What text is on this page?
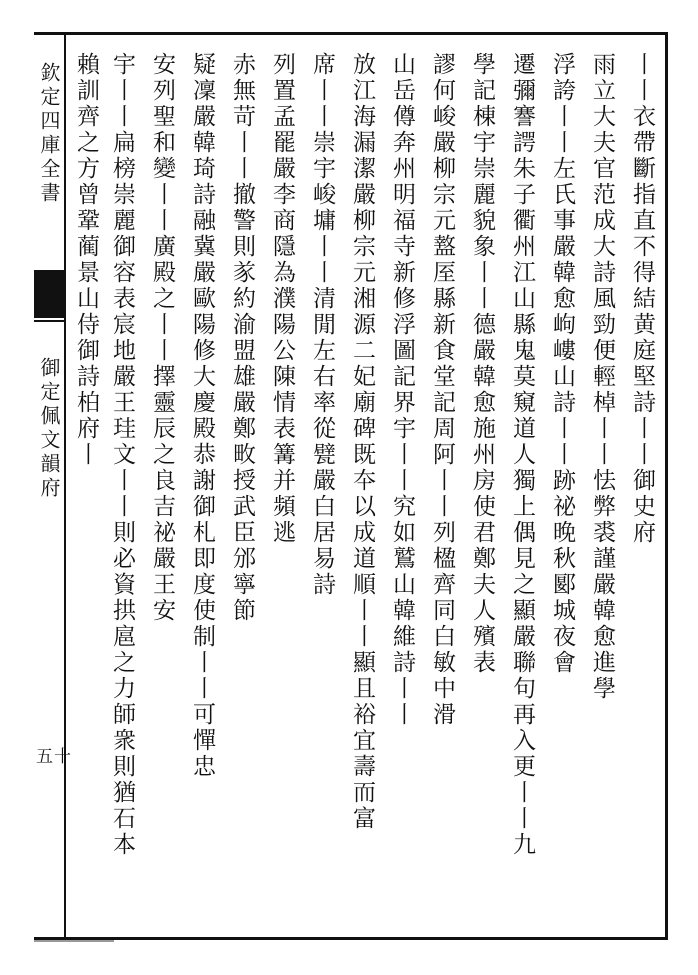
欽定四庫全書
御定佩文韻府
五十
丨丨衣帶斷指直不得結黄庭堅詩丨丨御史府
雨立大夫官范成大詩風勁便輕棹丨丨怯弊裘謹嚴韓愈進學
浮誇丨丨左氏事嚴韓愈岣嶁山詩丨丨跡祕晚秋郾城夜會
遷彌謇諤朱子衢州江山縣鬼莫窺道人獨上偶見之顯嚴聯句再入更丨丨九
學記棟宇崇麗貌象丨丨德嚴韓愈施州房使君鄭夫人殯表
謬何峻嚴柳宗元盩厔縣新食堂記周阿丨丨列楹齊同白敏中滑
山岳僔奔州明福寺新修浮圖記界宇丨丨究如鷲山韓維詩丨丨
放江海漏潔嚴柳宗元湘源二妃廟碑既夲以成道順丨丨顯且裕宜壽而富
席丨丨崇宇峻墉丨丨清閒左右率從甓嚴白居易詩
列置孟罷嚴李商隱為濮陽公陳情表篝并頻逃
赤無苛丨丨撤警則㒸約渝盟雄嚴鄭畋授武臣邠寧節
疑凜嚴韓琦詩融冀嚴歐陽修大慶殿恭謝御札即度使制丨丨可憚忠
安列聖和變丨丨廣殿之丨丨擇靈辰之良吉祕嚴王安
宇丨丨扁榜崇麗御容表宸地嚴王珪文丨丨則必資拱扈之力師衆則猶石本
賴訓齊之方曾鞏蔺景山侍御詩柏府丨
